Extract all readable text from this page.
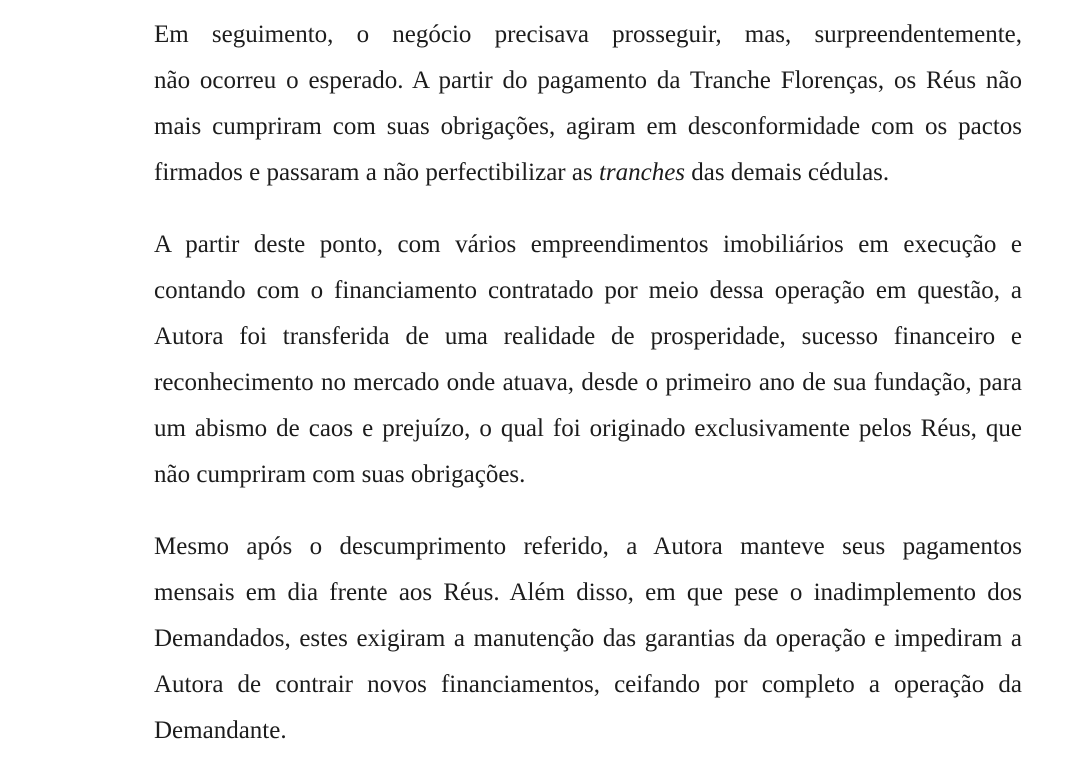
Em seguimento, o negócio precisava prosseguir, mas, surpreendentemente,
não ocorreu o esperado. A partir do pagamento da Tranche Florenças, os Réus não
mais cumpriram com suas obrigações, agiram em desconformidade com os pactos
firmados e passaram a não perfectibilizar as tranches das demais cédulas.

A partir deste ponto, com vários empreendimentos imobiliários em execução e
contando com o financiamento contratado por meio dessa operação em questão, a
Autora foi transferida de uma realidade de prosperidade, sucesso financeiro e
reconhecimento no mercado onde atuava, desde o primeiro ano de sua fundação, para
um abismo de caos e prejuízo, o qual foi originado exclusivamente pelos Réus, que
não cumpriram com suas obrigações.

Mesmo após o descumprimento referido, a Autora manteve seus pagamentos
mensais em dia frente aos Réus. Além disso, em que pese o inadimplemento dos
Demandados, estes exigiram a manutenção das garantias da operação e impediram a
Autora de contrair novos financiamentos, ceifando por completo a operação da
Demandante.
